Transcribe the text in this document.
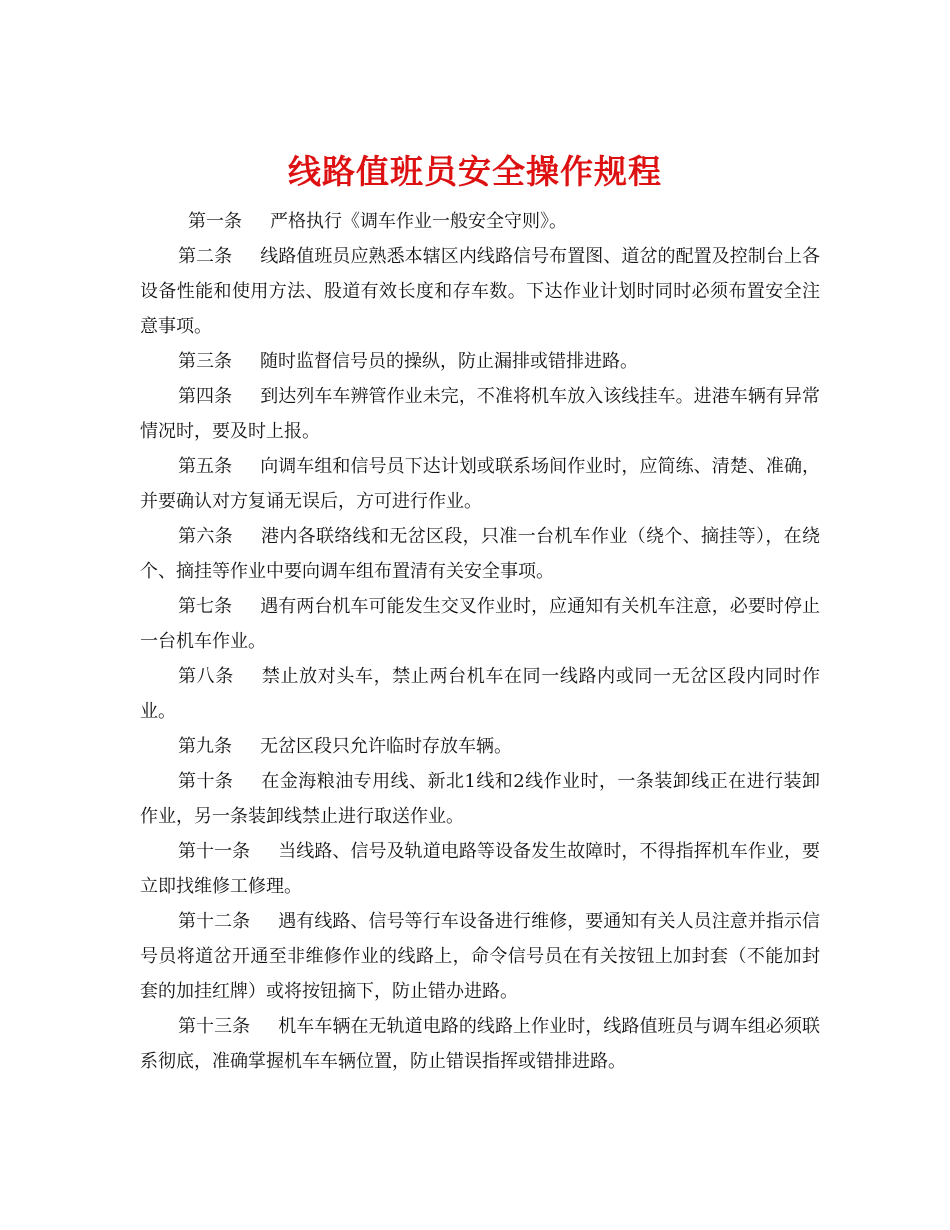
线路值班员安全操作规程

第一条 严格执行《调车作业一般安全守则》。

第二条 线路值班员应熟悉本辖区内线路信号布置图、道岔的配置及控制台上各设备性能和使用方法、股道有效长度和存车数。下达作业计划时同时必须布置安全注意事项。

第三条 随时监督信号员的操纵，防止漏排或错排进路。

第四条 到达列车车辨管作业未完，不准将机车放入该线挂车。进港车辆有异常情况时，要及时上报。

第五条 向调车组和信号员下达计划或联系场间作业时，应简练、清楚、准确，并要确认对方复诵无误后，方可进行作业。

第六条 港内各联络线和无岔区段，只准一台机车作业（绕个、摘挂等），在绕个、摘挂等作业中要向调车组布置清有关安全事项。

第七条 遇有两台机车可能发生交叉作业时，应通知有关机车注意，必要时停止一台机车作业。

第八条 禁止放对头车，禁止两台机车在同一线路内或同一无岔区段内同时作业。

第九条 无岔区段只允许临时存放车辆。

第十条 在金海粮油专用线、新北1线和2线作业时，一条装卸线正在进行装卸作业，另一条装卸线禁止进行取送作业。

第十一条 当线路、信号及轨道电路等设备发生故障时，不得指挥机车作业，要立即找维修工修理。

第十二条 遇有线路、信号等行车设备进行维修，要通知有关人员注意并指示信号员将道岔开通至非维修作业的线路上，命令信号员在有关按钮上加封套（不能加封套的加挂红牌）或将按钮摘下，防止错办进路。

第十三条 机车车辆在无轨道电路的线路上作业时，线路值班员与调车组必须联系彻底，准确掌握机车车辆位置，防止错误指挥或错排进路。
